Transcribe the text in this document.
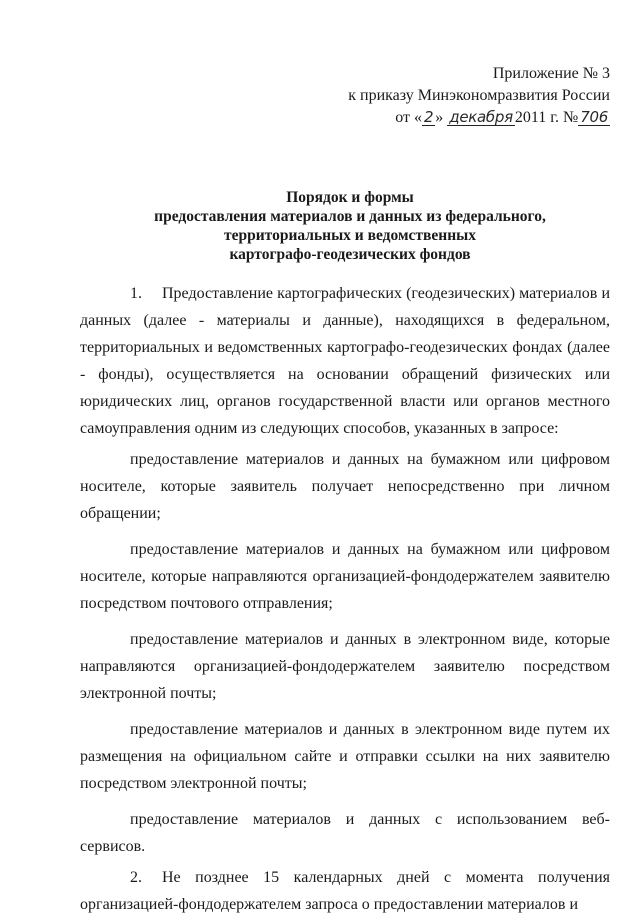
Приложение № 3
к приказу Минэкономразвития России
от « 2 » декабря 2011 г. № 706
Порядок и формы
предоставления материалов и данных из федерального,
территориальных и ведомственных
картографо-геодезических фондов

1. Предоставление картографических (геодезических) материалов и данных (далее - материалы и данные), находящихся в федеральном, территориальных и ведомственных картографо-геодезических фондах (далее - фонды), осуществляется на основании обращений физических или юридических лиц, органов государственной власти или органов местного самоуправления одним из следующих способов, указанных в запросе:

предоставление материалов и данных на бумажном или цифровом носителе, которые заявитель получает непосредственно при личном обращении;

предоставление материалов и данных на бумажном или цифровом носителе, которые направляются организацией-фондодержателем заявителю посредством почтового отправления;

предоставление материалов и данных в электронном виде, которые направляются организацией-фондодержателем заявителю посредством электронной почты;

предоставление материалов и данных в электронном виде путем их размещения на официальном сайте и отправки ссылки на них заявителю посредством электронной почты;

предоставление материалов и данных с использованием веб-сервисов.

2. Не позднее 15 календарных дней с момента получения организацией-фондодержателем запроса о предоставлении материалов и
